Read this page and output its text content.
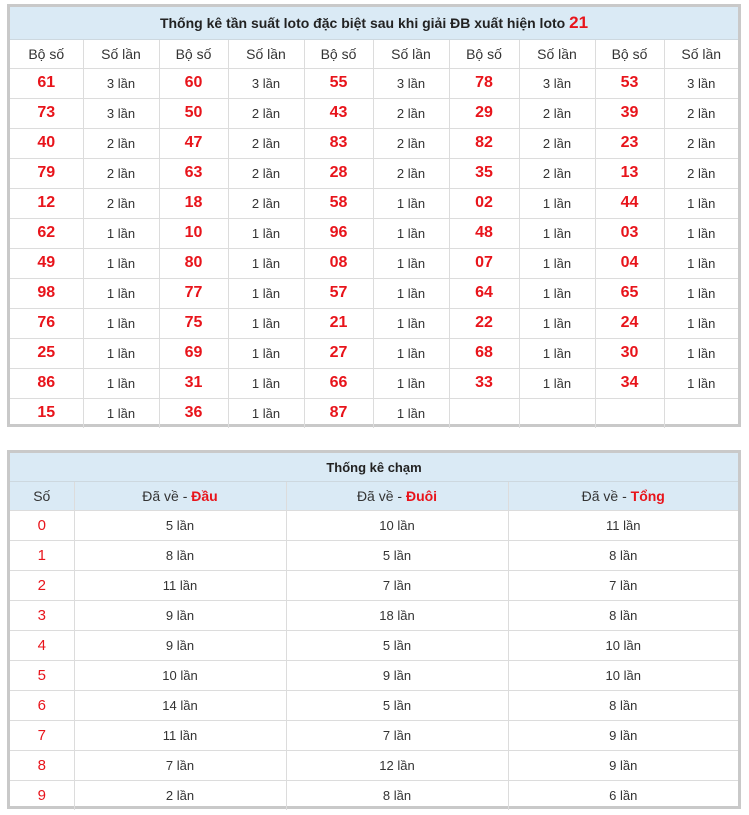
Thống kê tần suất loto đặc biệt sau khi giải ĐB xuất hiện loto 21
Bộ số	Số lần	Bộ số	Số lần	Bộ số	Số lần	Bộ số	Số lần	Bộ số	Số lần
61	3 lần	60	3 lần	55	3 lần	78	3 lần	53	3 lần
73	3 lần	50	2 lần	43	2 lần	29	2 lần	39	2 lần
40	2 lần	47	2 lần	83	2 lần	82	2 lần	23	2 lần
79	2 lần	63	2 lần	28	2 lần	35	2 lần	13	2 lần
12	2 lần	18	2 lần	58	1 lần	02	1 lần	44	1 lần
62	1 lần	10	1 lần	96	1 lần	48	1 lần	03	1 lần
49	1 lần	80	1 lần	08	1 lần	07	1 lần	04	1 lần
98	1 lần	77	1 lần	57	1 lần	64	1 lần	65	1 lần
76	1 lần	75	1 lần	21	1 lần	22	1 lần	24	1 lần
25	1 lần	69	1 lần	27	1 lần	68	1 lần	30	1 lần
86	1 lần	31	1 lần	66	1 lần	33	1 lần	34	1 lần
15	1 lần	36	1 lần	87	1 lần				
Thống kê chạm
Số	Đã về - Đầu	Đã về - Đuôi	Đã về - Tổng
0	5 lần	10 lần	11 lần
1	8 lần	5 lần	8 lần
2	11 lần	7 lần	7 lần
3	9 lần	18 lần	8 lần
4	9 lần	5 lần	10 lần
5	10 lần	9 lần	10 lần
6	14 lần	5 lần	8 lần
7	11 lần	7 lần	9 lần
8	7 lần	12 lần	9 lần
9	2 lần	8 lần	6 lần
